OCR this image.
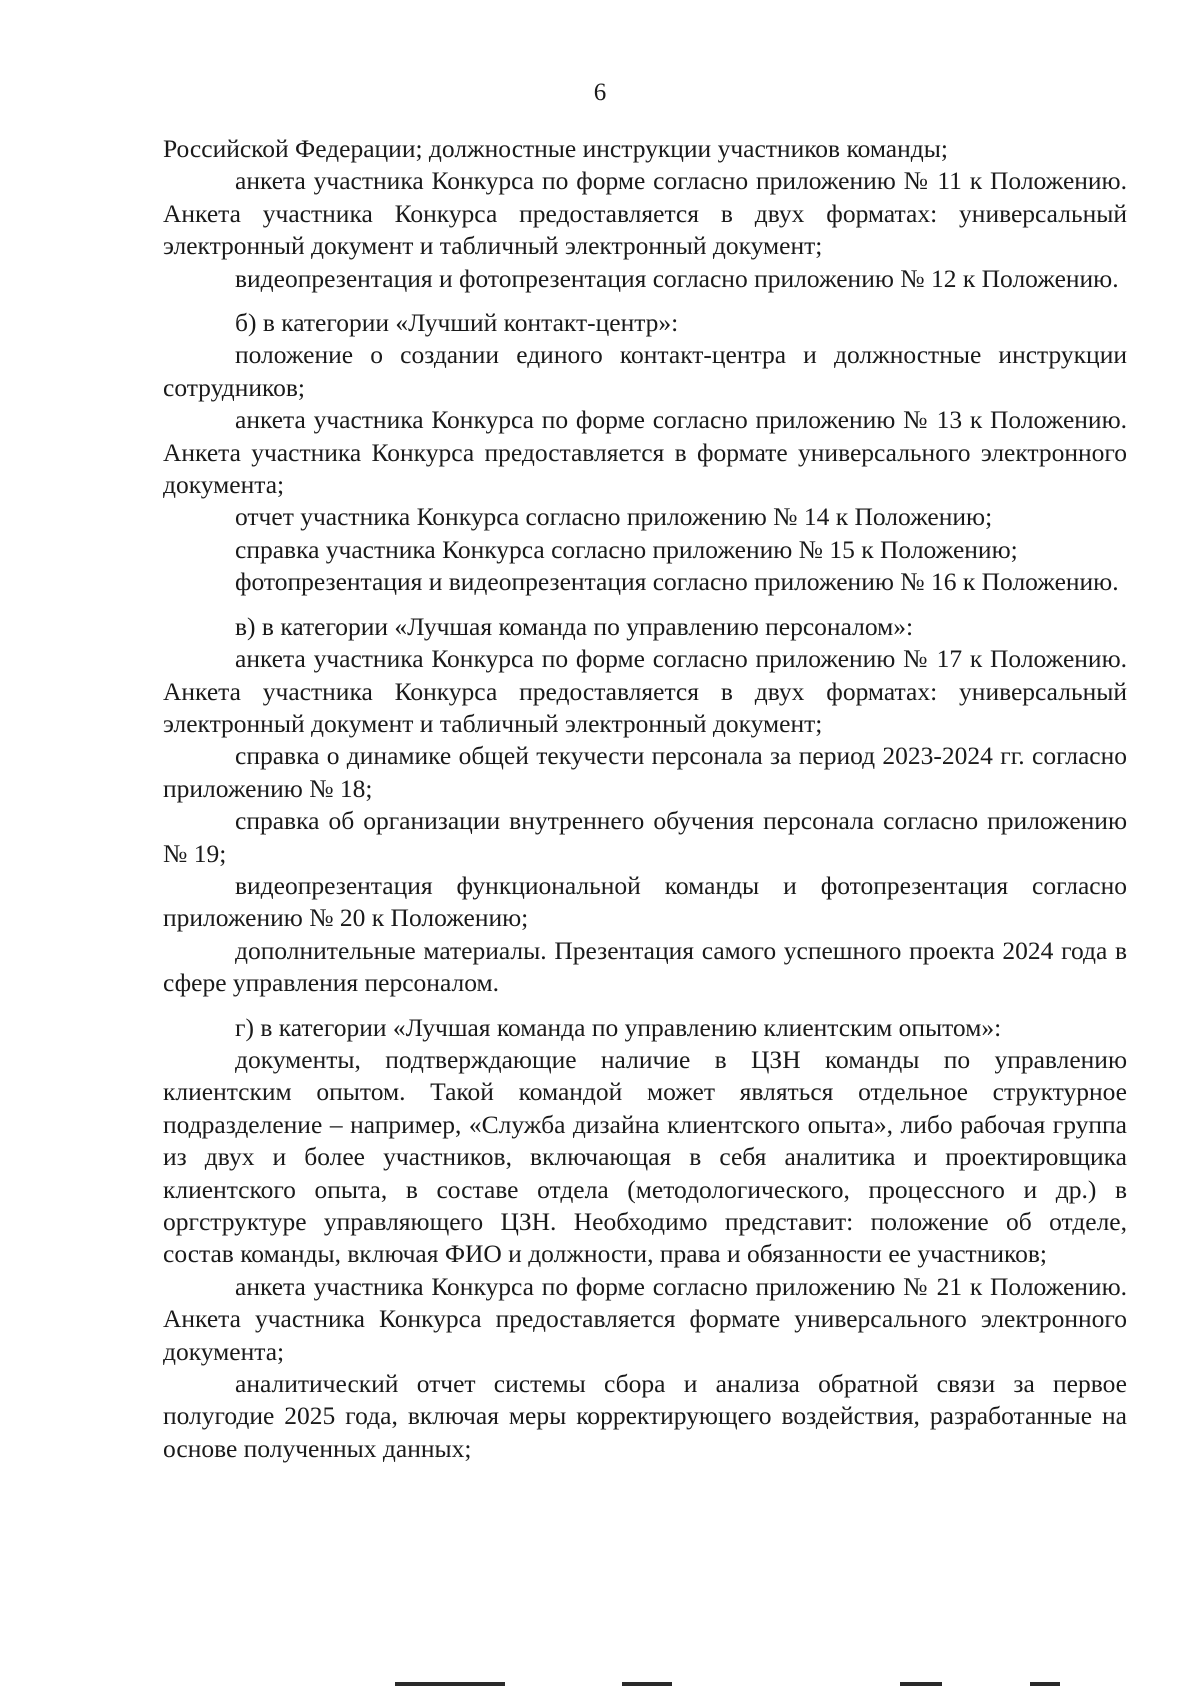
6

Российской Федерации; должностные инструкции участников команды;

анкета участника Конкурса по форме согласно приложению № 11 к Положению. Анкета участника Конкурса предоставляется в двух форматах: универсальный электронный документ и табличный электронный документ;

видеопрезентация и фотопрезентация согласно приложению № 12 к Положению.

б) в категории «Лучший контакт-центр»:

положение о создании единого контакт-центра и должностные инструкции сотрудников;

анкета участника Конкурса по форме согласно приложению № 13 к Положению. Анкета участника Конкурса предоставляется в формате универсального электронного документа;

отчет участника Конкурса согласно приложению № 14 к Положению;

справка участника Конкурса согласно приложению № 15 к Положению;

фотопрезентация и видеопрезентация согласно приложению № 16 к Положению.

в) в категории «Лучшая команда по управлению персоналом»:

анкета участника Конкурса по форме согласно приложению № 17 к Положению. Анкета участника Конкурса предоставляется в двух форматах: универсальный электронный документ и табличный электронный документ;

справка о динамике общей текучести персонала за период 2023-2024 гг. согласно приложению № 18;

справка об организации внутреннего обучения персонала согласно приложению № 19;

видеопрезентация функциональной команды и фотопрезентация согласно приложению № 20 к Положению;

дополнительные материалы. Презентация самого успешного проекта 2024 года в сфере управления персоналом.

г) в категории «Лучшая команда по управлению клиентским опытом»:

документы, подтверждающие наличие в ЦЗН команды по управлению клиентским опытом. Такой командой может являться отдельное структурное подразделение – например, «Служба дизайна клиентского опыта», либо рабочая группа из двух и более участников, включающая в себя аналитика и проектировщика клиентского опыта, в составе отдела (методологического, процессного и др.) в оргструктуре управляющего ЦЗН. Необходимо представит: положение об отделе, состав команды, включая ФИО и должности, права и обязанности ее участников;

анкета участника Конкурса по форме согласно приложению № 21 к Положению. Анкета участника Конкурса предоставляется формате универсального электронного документа;

аналитический отчет системы сбора и анализа обратной связи за первое полугодие 2025 года, включая меры корректирующего воздействия, разработанные на основе полученных данных;
